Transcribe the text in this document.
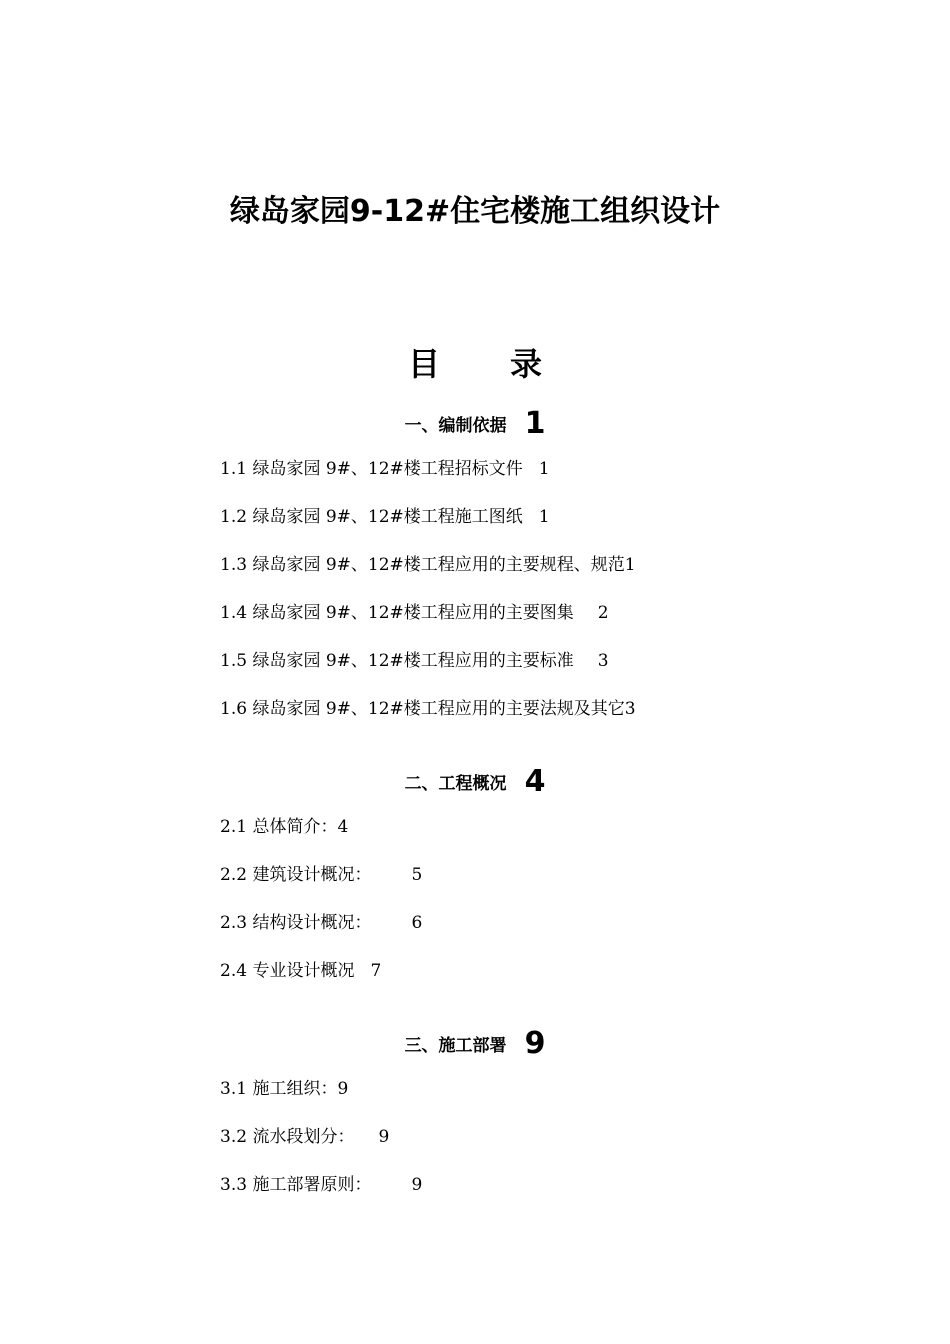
绿岛家园9-12#住宅楼施工组织设计
目 录
一、编制依据 1
1.1 绿岛家园 9#、12#楼工程招标文件 1
1.2 绿岛家园 9#、12#楼工程施工图纸 1
1.3 绿岛家园 9#、12#楼工程应用的主要规程、规范1
1.4 绿岛家园 9#、12#楼工程应用的主要图集 2
1.5 绿岛家园 9#、12#楼工程应用的主要标准 3
1.6 绿岛家园 9#、12#楼工程应用的主要法规及其它3
二、工程概况 4
2.1 总体简介：4
2.2 建筑设计概况： 5
2.3 结构设计概况： 6
2.4 专业设计概况 7
三、施工部署 9
3.1 施工组织：9
3.2 流水段划分： 9
3.3 施工部署原则： 9
